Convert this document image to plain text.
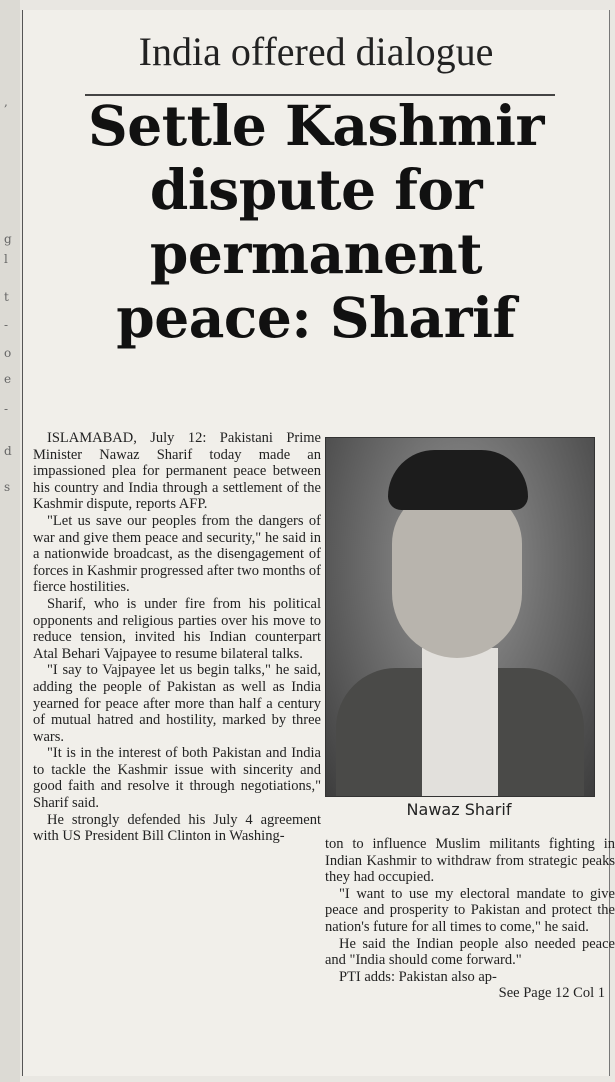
,
g
l
t
-
o
e
-
d
s
India offered dialogue
Settle Kashmir
dispute for
permanent
peace: Sharif

ISLAMABAD, July 12: Pakistani Prime Minister Nawaz Sharif today made an impassioned plea for permanent peace between his country and India through a settlement of the Kashmir dispute, reports AFP.

"Let us save our peoples from the dangers of war and give them peace and security," he said in a nationwide broadcast, as the disengagement of forces in Kashmir progressed after two months of fierce hostilities.

Sharif, who is under fire from his political opponents and religious parties over his move to reduce tension, invited his Indian counterpart Atal Behari Vajpayee to resume bilateral talks.

"I say to Vajpayee let us begin talks," he said, adding the people of Pakistan as well as India yearned for peace after more than half a century of mutual hatred and hostility, marked by three wars.

"It is in the interest of both Pakistan and India to tackle the Kashmir issue with sincerity and good faith and resolve it through negotiations," Sharif said.

He strongly defended his July 4 agreement with US President Bill Clinton in Washing-

Nawaz Sharif

ton to influence Muslim militants fighting in Indian Kashmir to withdraw from strategic peaks they had occupied.

"I want to use my electoral mandate to give peace and prosperity to Pakistan and protect the nation's future for all times to come," he said.

He said the Indian people also needed peace and "India should come forward."

PTI adds: Pakistan also ap-

See Page 12 Col 1
